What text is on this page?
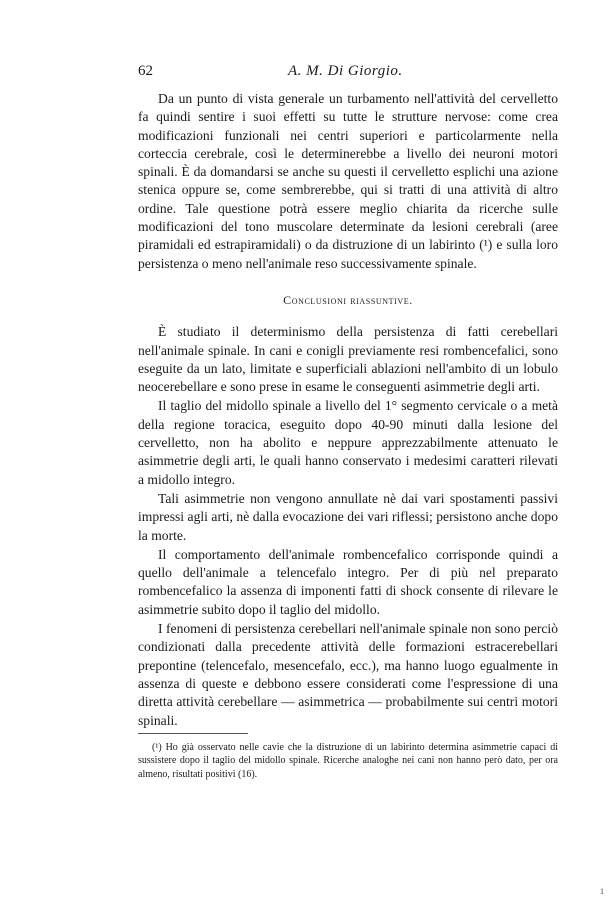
62	A. M. Di Giorgio.

Da un punto di vista generale un turbamento nell'attività del cervelletto fa quindi sentire i suoi effetti su tutte le strutture nervose: come crea modificazioni funzionali nei centri superiori e particolarmente nella corteccia cerebrale, così le determinerebbe a livello dei neuroni motori spinali. È da domandarsi se anche su questi il cervelletto esplichi una azione stenica oppure se, come sembrerebbe, qui si tratti di una attività di altro ordine. Tale questione potrà essere meglio chiarita da ricerche sulle modificazioni del tono muscolare determinate da lesioni cerebrali (aree piramidali ed estrapiramidali) o da distruzione di un labirinto (¹) e sulla loro persistenza o meno nell'animale reso successivamente spinale.

Conclusioni riassuntive.

È studiato il determinismo della persistenza di fatti cerebellari nell'animale spinale. In cani e conigli previamente resi rombencefalici, sono eseguite da un lato, limitate e superficiali ablazioni nell'ambito di un lobulo neocerebellare e sono prese in esame le conseguenti asimmetrie degli arti.

Il taglio del midollo spinale a livello del 1° segmento cervicale o a metà della regione toracica, eseguito dopo 40-90 minuti dalla lesione del cervelletto, non ha abolito e neppure apprezzabilmente attenuato le asimmetrie degli arti, le quali hanno conservato i medesimi caratteri rilevati a midollo integro.

Tali asimmetrie non vengono annullate nè dai vari spostamenti passivi impressi agli arti, nè dalla evocazione dei vari riflessi; persistono anche dopo la morte.

Il comportamento dell'animale rombencefalico corrisponde quindi a quello dell'animale a telencefalo integro. Per di più nel preparato rombencefalico la assenza di imponenti fatti di shock consente di rilevare le asimmetrie subito dopo il taglio del midollo.

I fenomeni di persistenza cerebellari nell'animale spinale non sono perciò condizionati dalla precedente attività delle formazioni estracerebellari prepontine (telencefalo, mesencefalo, ecc.), ma hanno luogo egualmente in assenza di queste e debbono essere considerati come l'espressione di una diretta attività cerebellare — asimmetrica — probabilmente sui centri motori spinali.

(¹) Ho già osservato nelle cavie che la distruzione di un labirinto determina asimmetrie capaci di sussistere dopo il taglio del midollo spinale. Ricerche analoghe nei cani non hanno però dato, per ora almeno, risultati positivi (16).

1
